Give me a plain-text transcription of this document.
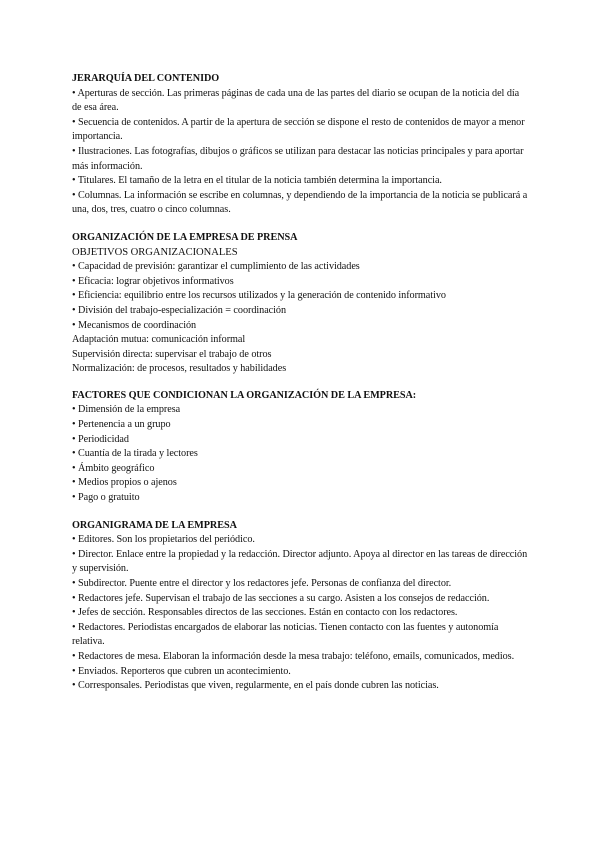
JERARQUÍA DEL CONTENIDO

• Aperturas de sección. Las primeras páginas de cada una de las partes del diario se ocupan de la noticia del día de esa área.

• Secuencia de contenidos. A partir de la apertura de sección se dispone el resto de contenidos de mayor a menor importancia.

• Ilustraciones. Las fotografías, dibujos o gráficos se utilizan para destacar las noticias principales y para aportar más información.

• Titulares. El tamaño de la letra en el titular de la noticia también determina la importancia.

• Columnas. La información se escribe en columnas, y dependiendo de la importancia de la noticia se publicará a una, dos, tres, cuatro o cinco columnas.

ORGANIZACIÓN DE LA EMPRESA DE PRENSA

OBJETIVOS ORGANIZACIONALES

• Capacidad de previsión: garantizar el cumplimiento de las actividades

• Eficacia: lograr objetivos informativos

• Eficiencia: equilibrio entre los recursos utilizados y la generación de contenido informativo

• División del trabajo-especialización = coordinación

• Mecanismos de coordinación

Adaptación mutua: comunicación informal

Supervisión directa: supervisar el trabajo de otros

Normalización: de procesos, resultados y habilidades

FACTORES QUE CONDICIONAN LA ORGANIZACIÓN DE LA EMPRESA:

• Dimensión de la empresa

• Pertenencia a un grupo

• Periodicidad

• Cuantía de la tirada y lectores

• Ámbito geográfico

• Medios propios o ajenos

• Pago o gratuito

ORGANIGRAMA DE LA EMPRESA

• Editores. Son los propietarios del periódico.

• Director. Enlace entre la propiedad y la redacción. Director adjunto. Apoya al director en las tareas de dirección y supervisión.

• Subdirector. Puente entre el director y los redactores jefe. Personas de confianza del director.

• Redactores jefe. Supervisan el trabajo de las secciones a su cargo. Asisten a los consejos de redacción.

• Jefes de sección. Responsables directos de las secciones. Están en contacto con los redactores.

• Redactores. Periodistas encargados de elaborar las noticias. Tienen contacto con las fuentes y autonomía relativa.

• Redactores de mesa. Elaboran la información desde la mesa trabajo: teléfono, emails, comunicados, medios.

• Enviados. Reporteros que cubren un acontecimiento.

• Corresponsales. Periodistas que viven, regularmente, en el país donde cubren las noticias.
